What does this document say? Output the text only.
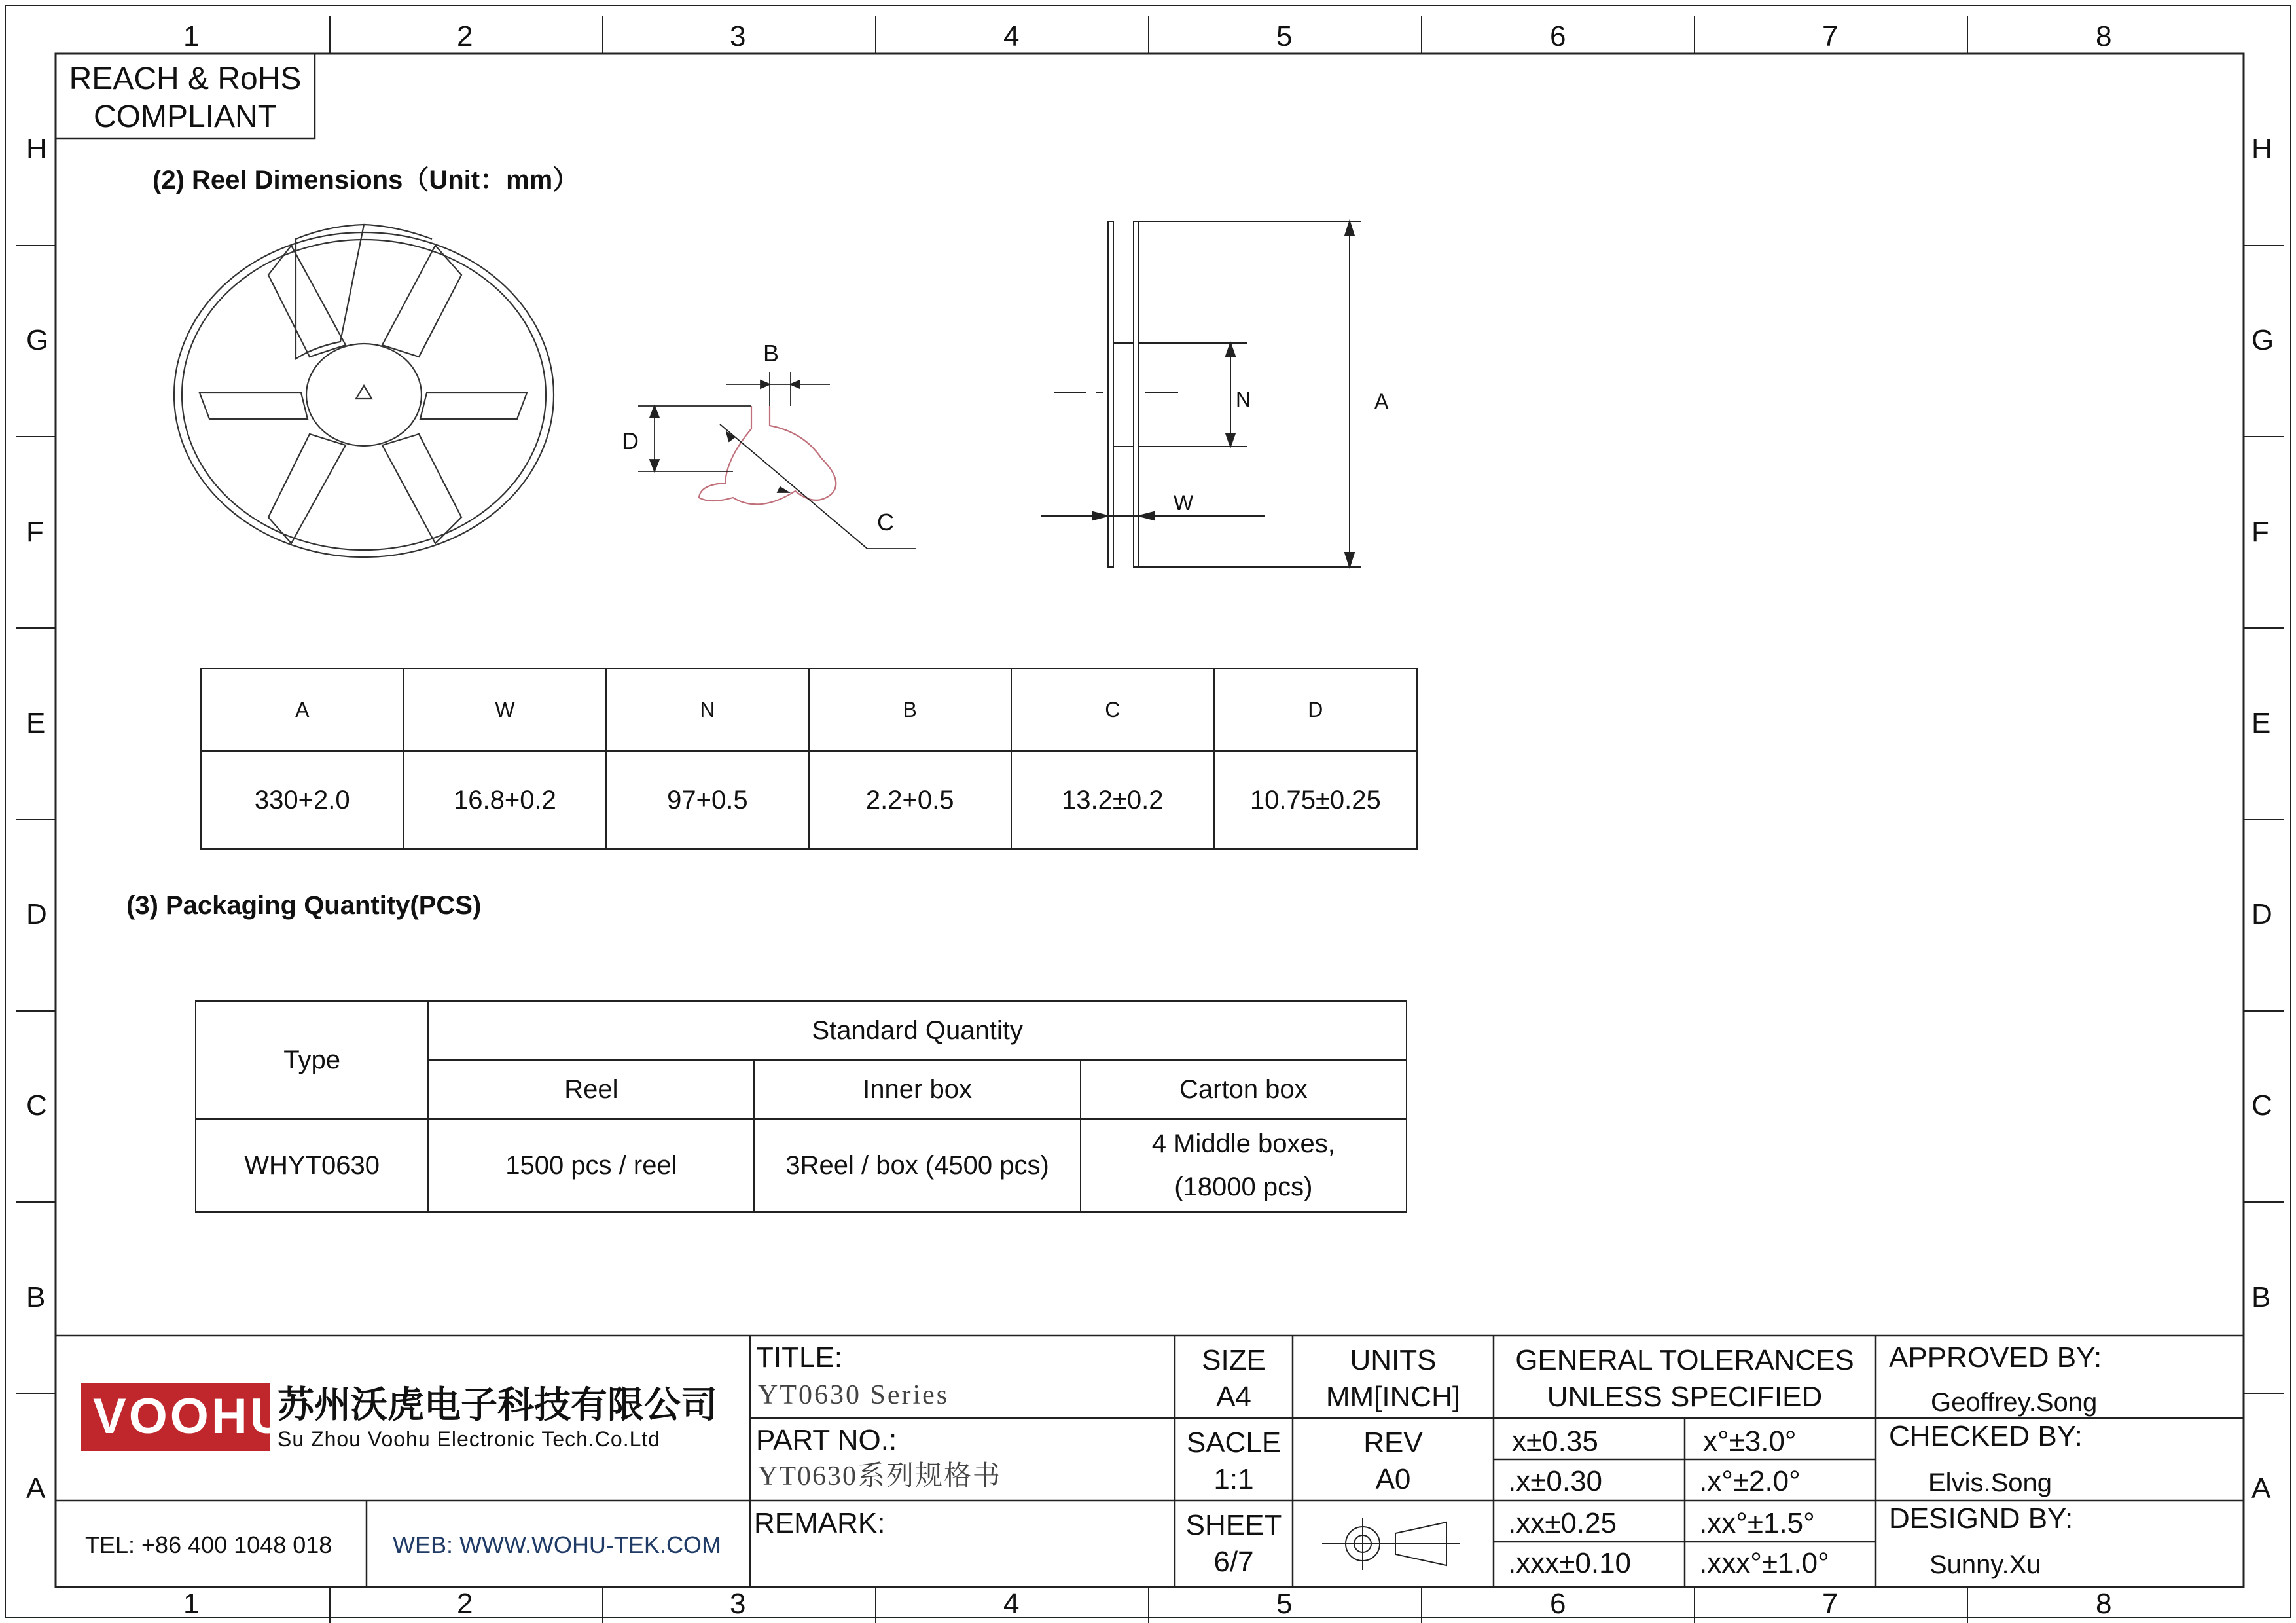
1	2	3	4	5	6	7	8
1	2	3	4	5	6	7	8
H
G
F
E
D
C
B
A
H
G
F
E
D
C
B
A
REACH & RoHS
COMPLIANT
(2) Reel Dimensions（Unit：mm）
B
D
C
N	A
W
A	W	N	B	C	D
330+2.0	16.8+0.2	97+0.5	2.2+0.5	13.2±0.2	10.75±0.25
(3) Packaging Quantity(PCS)
Type	Standard Quantity		
	Reel	Inner box	Carton box
WHYT0630	1500 pcs / reel	3Reel / box (4500 pcs)	4 Middle boxes,
(18000 pcs)
VOOHU
苏州沃虎电子科技有限公司
Su Zhou Voohu Electronic Tech.Co.Ltd
TEL: +86 400 1048 018	WEB: WWW.WOHU-TEK.COM
TITLE:
YT0630 Series
PART NO.:
YT0630系列规格书
REMARK:
SIZE
A4
UNITS
MM[INCH]
SACLE
1:1
REV
A0
SHEET
6/7
GENERAL TOLERANCES
UNLESS SPECIFIED
x±0.35	x°±3.0°
.x±0.30	.x°±2.0°
.xx±0.25	.xx°±1.5°
.xxx±0.10 .xxx°±1.0°
APPROVED BY:
Geoffrey.Song
CHECKED BY:
Elvis.Song
DESIGND BY:
Sunny.Xu
